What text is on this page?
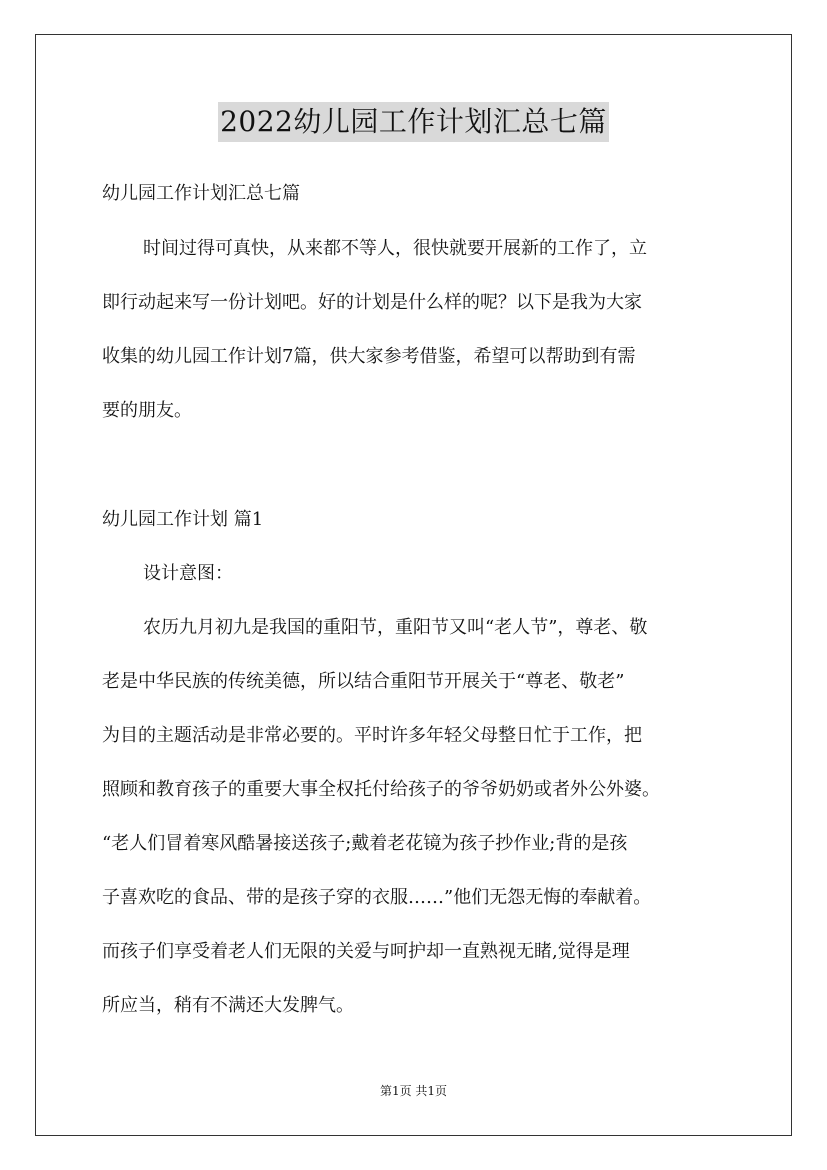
2022幼儿园工作计划汇总七篇
幼儿园工作计划汇总七篇
时间过得可真快，从来都不等人，很快就要开展新的工作了，立
即行动起来写一份计划吧。好的计划是什么样的呢？以下是我为大家
收集的幼儿园工作计划7篇，供大家参考借鉴，希望可以帮助到有需
要的朋友。
幼儿园工作计划 篇1
设计意图：
农历九月初九是我国的重阳节，重阳节又叫“老人节”，尊老、敬
老是中华民族的传统美德，所以结合重阳节开展关于“尊老、敬老”
为目的主题活动是非常必要的。平时许多年轻父母整日忙于工作，把
照顾和教育孩子的重要大事全权托付给孩子的爷爷奶奶或者外公外婆。
“老人们冒着寒风酷暑接送孩子;戴着老花镜为孩子抄作业;背的是孩
子喜欢吃的食品、带的是孩子穿的衣服……”他们无怨无悔的奉献着。
而孩子们享受着老人们无限的关爱与呵护却一直熟视无睹,觉得是理
所应当，稍有不满还大发脾气。
第1页 共1页
